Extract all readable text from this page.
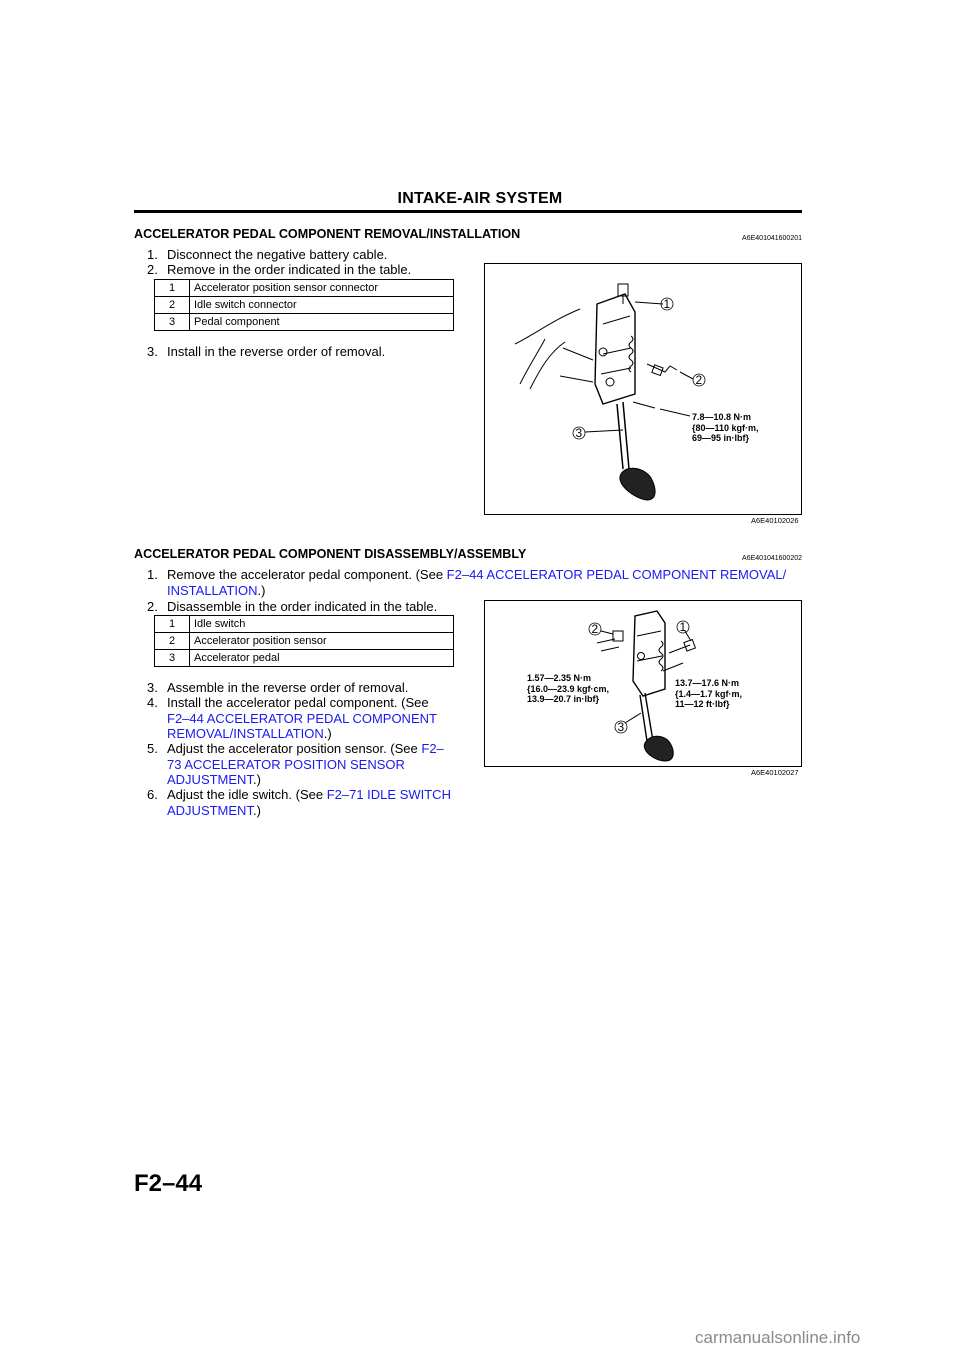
INTAKE-AIR SYSTEM
ACCELERATOR PEDAL COMPONENT REMOVAL/INSTALLATION	A6E401041600201
1. Disconnect the negative battery cable.
2. Remove in the order indicated in the table.
1	Accelerator position sensor connector
2	Idle switch connector
3	Pedal component
3. Install in the reverse order of removal.
1
2
3
7.8—10.8 N·m
{80—110 kgf·m,
69—95 in·lbf}
A6E40102026
ACCELERATOR PEDAL COMPONENT DISASSEMBLY/ASSEMBLY	A6E401041600202
1. Remove the accelerator pedal component. (See F2–44 ACCELERATOR PEDAL COMPONENT REMOVAL/
INSTALLATION.)
2. Disassemble in the order indicated in the table.
1	Idle switch
2	Accelerator position sensor
3	Accelerator pedal
3. Assemble in the reverse order of removal.
4. Install the accelerator pedal component. (See
F2–44 ACCELERATOR PEDAL COMPONENT
REMOVAL/INSTALLATION.)
5. Adjust the accelerator position sensor. (See F2–
73 ACCELERATOR POSITION SENSOR
ADJUSTMENT.)
6. Adjust the idle switch. (See F2–71 IDLE SWITCH
ADJUSTMENT.)
2	1
3
1.57—2.35 N·m
{16.0—23.9 kgf·cm,
13.9—20.7 in·lbf}
13.7—17.6 N·m
{1.4—1.7 kgf·m,
11—12 ft·lbf}
A6E40102027
F2–44
carmanualsonline.info
